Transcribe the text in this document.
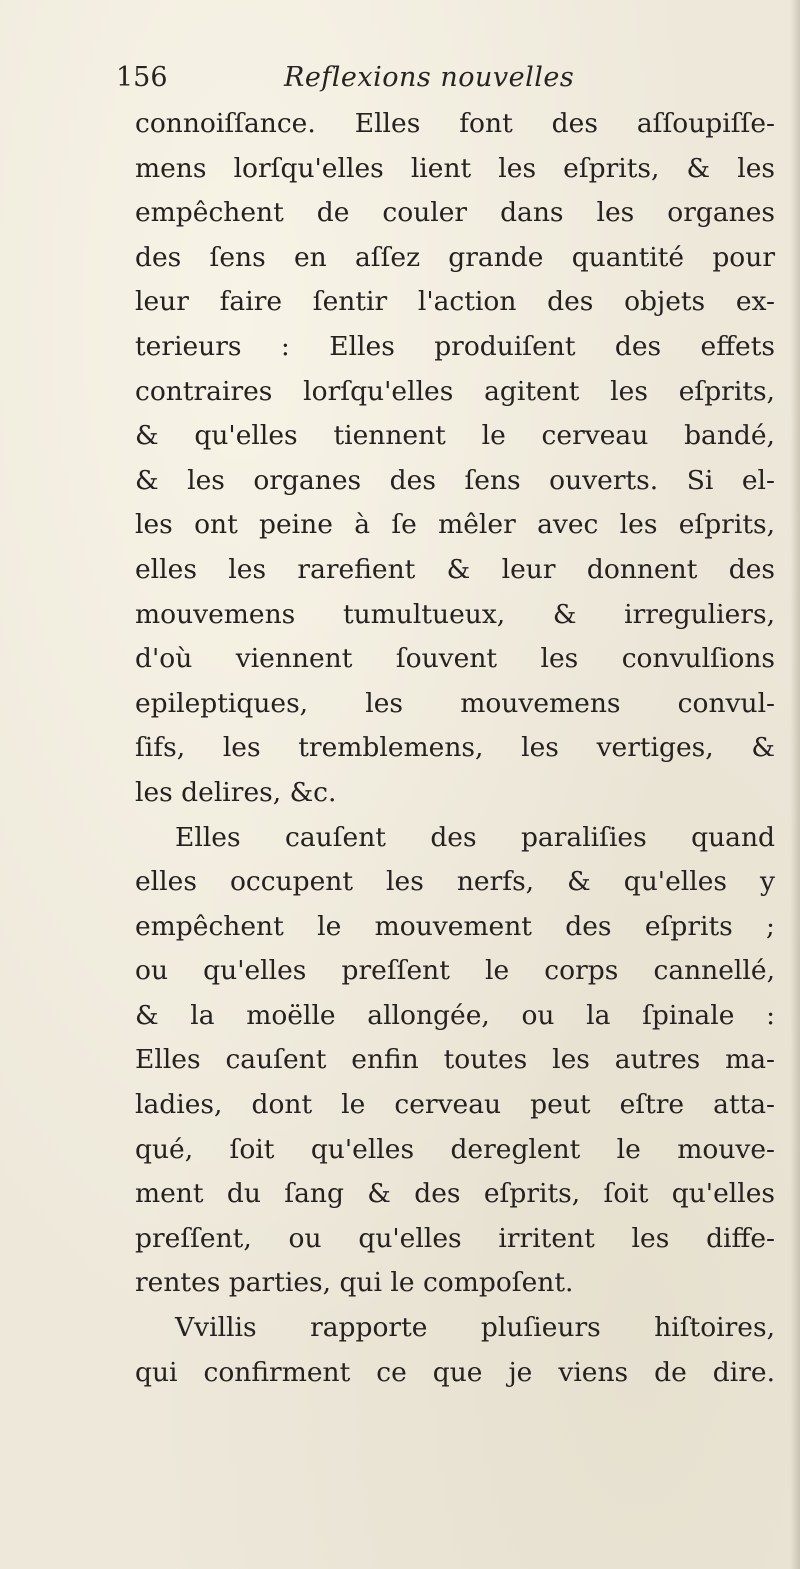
156	Reflexions nouvelles
connoiſſance. Elles font des aſſoupiſſe-
mens lorſqu'elles lient les eſprits, & les
empêchent de couler dans les organes
des ſens en aſſez grande quantité pour
leur faire ſentir l'action des objets ex-
terieurs : Elles produiſent des effets
contraires lorſqu'elles agitent les eſprits,
& qu'elles tiennent le cerveau bandé,
& les organes des ſens ouverts. Si el-
les ont peine à ſe mêler avec les eſprits,
elles les rarefient & leur donnent des
mouvemens tumultueux, & irreguliers,
d'où viennent ſouvent les convulſions
epileptiques, les mouvemens convul-
ſifs, les tremblemens, les vertiges, &
les delires, &c.
Elles cauſent des paraliſies quand
elles occupent les nerfs, & qu'elles y
empêchent le mouvement des eſprits ;
ou qu'elles preſſent le corps cannellé,
& la moëlle allongée, ou la ſpinale :
Elles cauſent enfin toutes les autres ma-
ladies, dont le cerveau peut eſtre atta-
qué, ſoit qu'elles dereglent le mouve-
ment du ſang & des eſprits, ſoit qu'elles
preſſent, ou qu'elles irritent les diffe-
rentes parties, qui le compoſent.
Vvillis rapporte pluſieurs hiſtoires,
qui confirment ce que je viens de dire.
